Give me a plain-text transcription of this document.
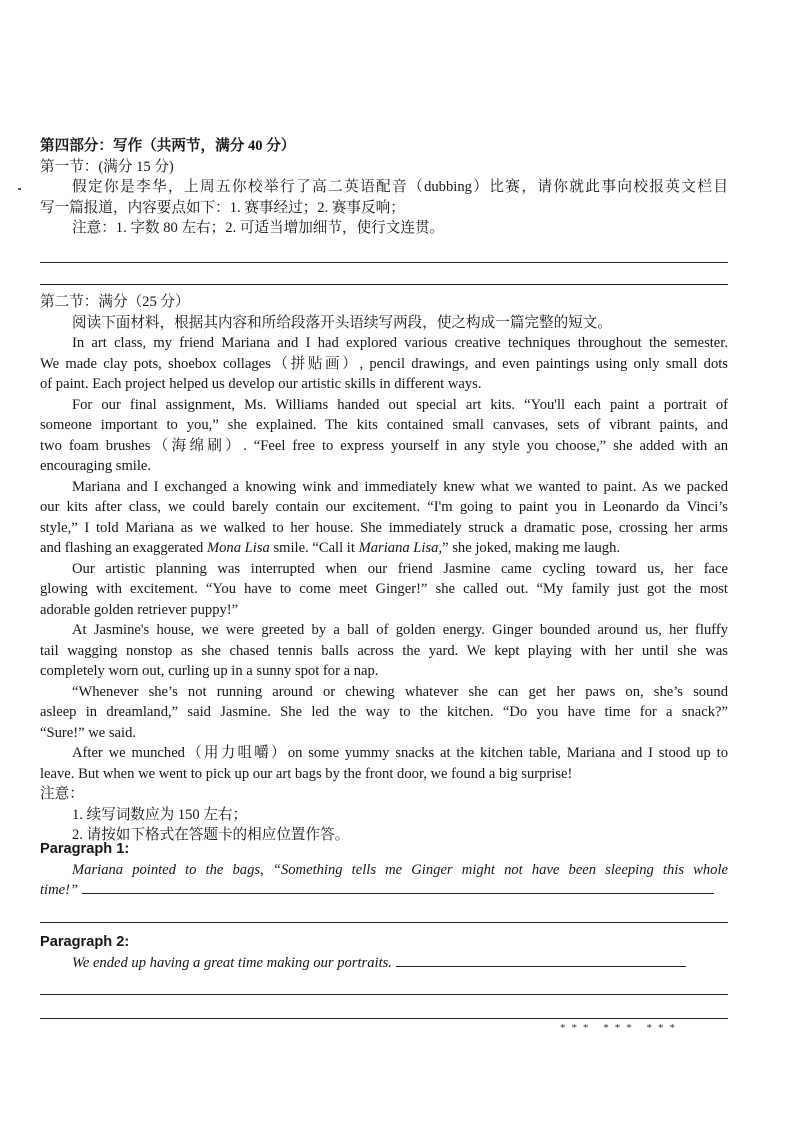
第四部分：写作（共两节，满分 40 分）
第一节：(满分 15 分)
假定你是李华，上周五你校举行了高二英语配音（dubbing）比赛，请你就此事向校报英文栏目
写一篇报道，内容要点如下：1. 赛事经过；2. 赛事反响；
注意：1. 字数 80 左右；2. 可适当增加细节，使行文连贯。
第二节：满分（25 分）
阅读下面材料，根据其内容和所给段落开头语续写两段，使之构成一篇完整的短文。
In art class, my friend Mariana and I had explored various creative techniques throughout the semester.
We made clay pots, shoebox collages（拼贴画）, pencil drawings, and even paintings using only small dots
of paint. Each project helped us develop our artistic skills in different ways.
For our final assignment, Ms. Williams handed out special art kits. “You'll each paint a portrait of
someone important to you,” she explained. The kits contained small canvases, sets of vibrant paints, and
two foam brushes（海绵刷）. “Feel free to express yourself in any style you choose,” she added with an
encouraging smile.
Mariana and I exchanged a knowing wink and immediately knew what we wanted to paint. As we packed
our kits after class, we could barely contain our excitement. “I'm going to paint you in Leonardo da Vinci’s
style,” I told Mariana as we walked to her house. She immediately struck a dramatic pose, crossing her arms
and flashing an exaggerated Mona Lisa smile. “Call it Mariana Lisa,” she joked, making me laugh.
Our artistic planning was interrupted when our friend Jasmine came cycling toward us, her face
glowing with excitement. “You have to come meet Ginger!” she called out. “My family just got the most
adorable golden retriever puppy!”
At Jasmine's house, we were greeted by a ball of golden energy. Ginger bounded around us, her fluffy
tail wagging nonstop as she chased tennis balls across the yard. We kept playing with her until she was
completely worn out, curling up in a sunny spot for a nap.
“Whenever she’s not running around or chewing whatever she can get her paws on, she’s sound
asleep in dreamland,” said Jasmine. She led the way to the kitchen. “Do you have time for a snack?”
“Sure!” we said.
After we munched（用力咀嚼）on some yummy snacks at the kitchen table, Mariana and I stood up to
leave. But when we went to pick up our art bags by the front door, we found a big surprise!
注意：
1. 续写词数应为 150 左右；
2. 请按如下格式在答题卡的相应位置作答。
Paragraph 1:
Mariana pointed to the bags, “Something tells me Ginger might not have been sleeping this whole
time!”
Paragraph 2:
We ended up having a great time making our portraits.
*** *** ***
